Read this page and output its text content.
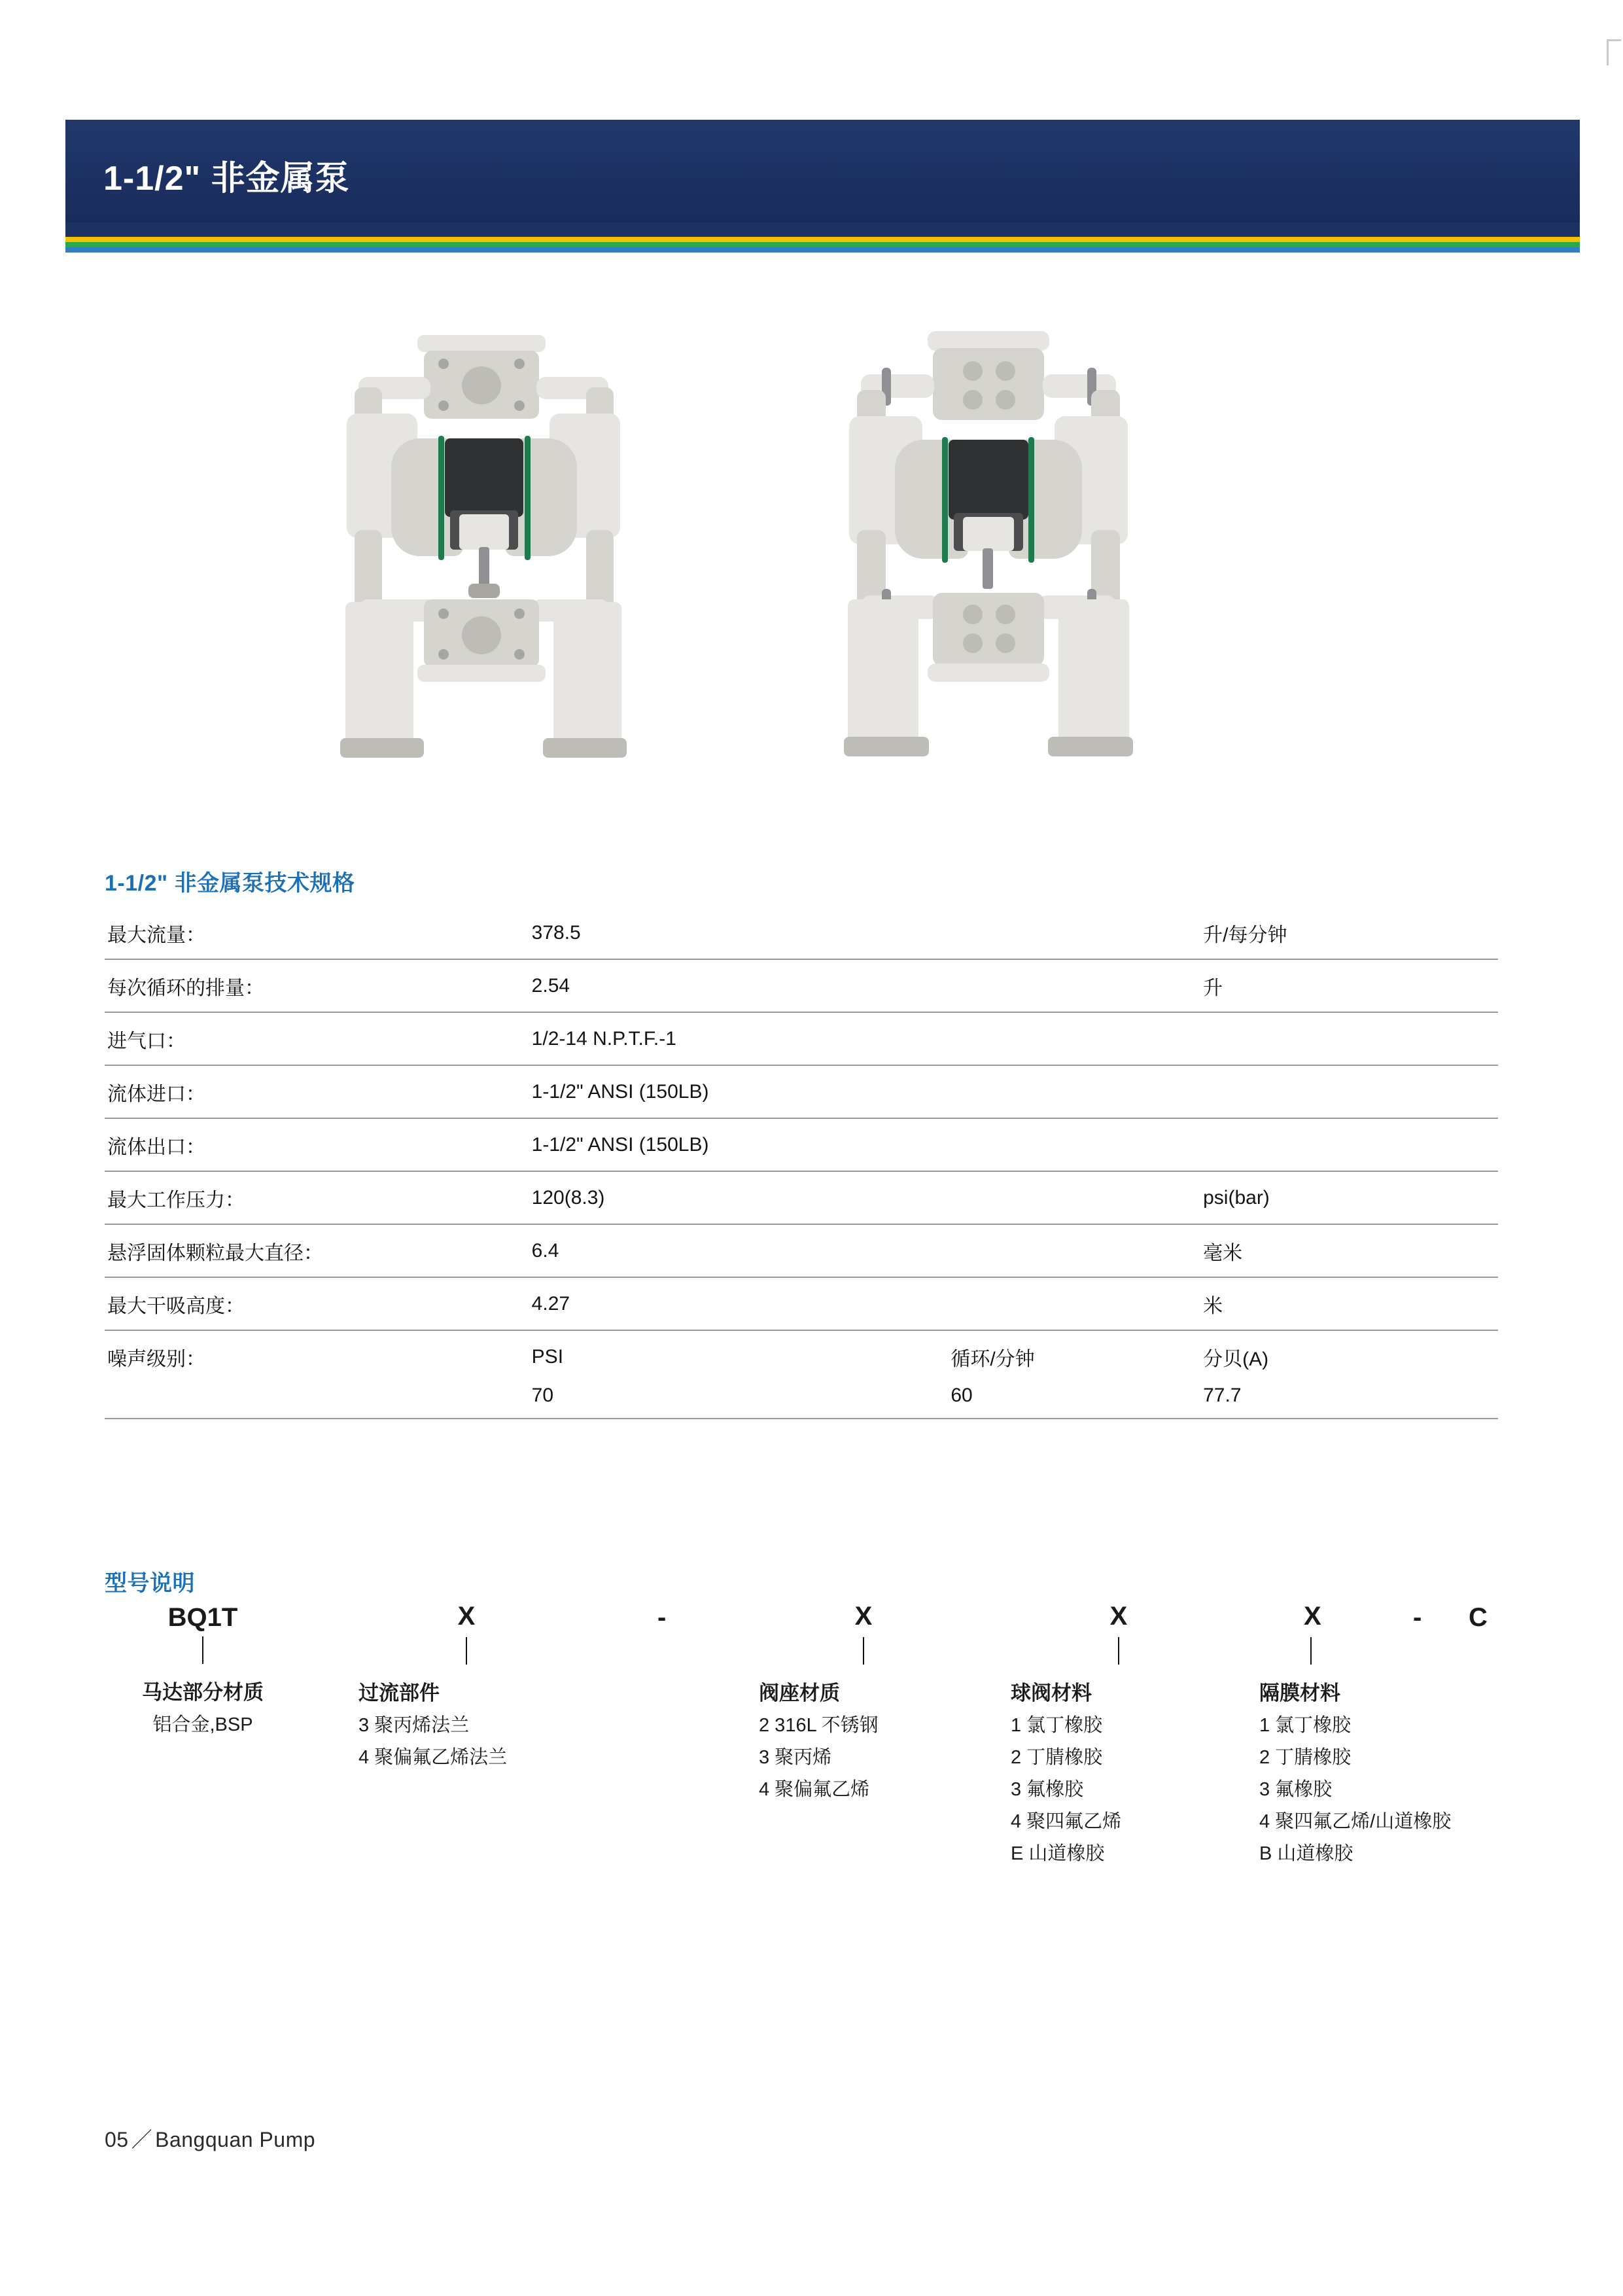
1-1/2" 非金属泵
1-1/2" 非金属泵技术规格
最大流量：	378.5		升/每分钟
每次循环的排量：	2.54		升
进气口：	1/2-14 N.P.T.F.-1		
流体进口：	1-1/2" ANSI (150LB)		
流体出口：	1-1/2" ANSI (150LB)		
最大工作压力：	120(8.3)		psi(bar)
悬浮固体颗粒最大直径：	6.4		毫米
最大干吸高度：	4.27		米
噪声级别：	PSI	循环/分钟	分贝(A)
	70	60	77.7
型号说明
BQ1T
马达部分材质
铝合金,BSP
X
过流部件
3 聚丙烯法兰
4 聚偏氟乙烯法兰
-	X
阀座材质
2 316L 不锈钢
3 聚丙烯
4 聚偏氟乙烯
X
球阀材料
1 氯丁橡胶
2 丁腈橡胶
3 氟橡胶
4 聚四氟乙烯
E 山道橡胶
X
隔膜材料
1 氯丁橡胶
2 丁腈橡胶
3 氟橡胶
4 聚四氟乙烯/山道橡胶
B 山道橡胶
- C
05 ／ Bangquan Pump
